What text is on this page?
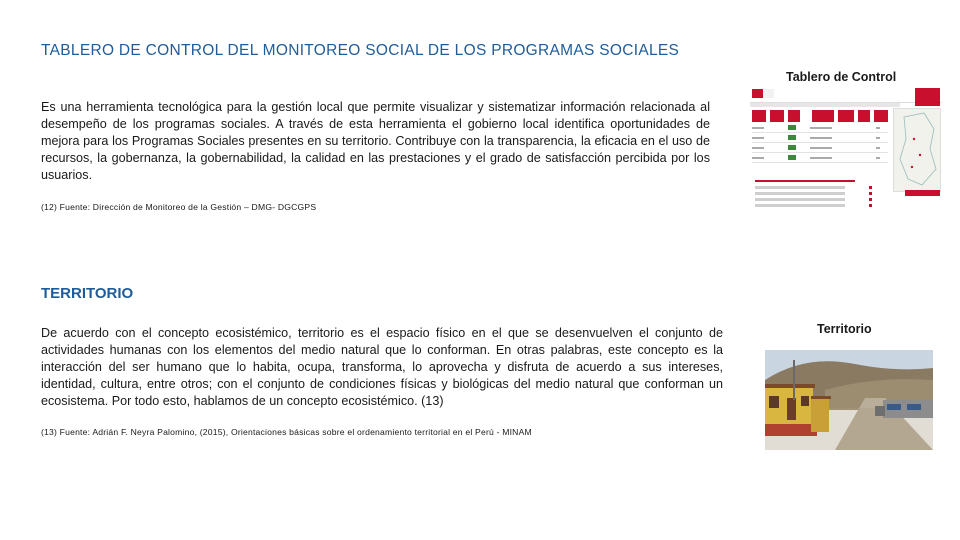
TABLERO DE CONTROL DEL MONITOREO SOCIAL DE LOS PROGRAMAS SOCIALES

Es una herramienta tecnológica para la gestión local que permite visualizar y sistematizar información relacionada al desempeño de los programas sociales. A través de esta herramienta el gobierno local identifica oportunidades de mejora para los Programas Sociales presentes en su territorio. Contribuye con la transparencia, la eficacia en el uso de recursos, la gobernanza, la gobernabilidad, la calidad en las prestaciones y el grado de satisfacción percibida por los usuarios.

(12) Fuente: Dirección de Monitoreo de la Gestión – DMG- DGCGPS

Tablero de Control

TERRITORIO

De acuerdo con el concepto ecosistémico, territorio es el espacio físico en el que se desenvuelven el conjunto de actividades humanas con los elementos del medio natural que lo conforman. En otras palabras, este concepto es la interacción del ser humano que lo habita, ocupa, transforma, lo aprovecha y disfruta de acuerdo a sus intereses, identidad, cultura, entre otros; con el conjunto de condiciones físicas y biológicas del medio natural que conforman un ecosistema. Por todo esto, hablamos de un concepto ecosistémico. (13)

(13) Fuente: Adrián F. Neyra Palomino, (2015), Orientaciones básicas sobre el ordenamiento territorial en el Perú - MINAM

Territorio
